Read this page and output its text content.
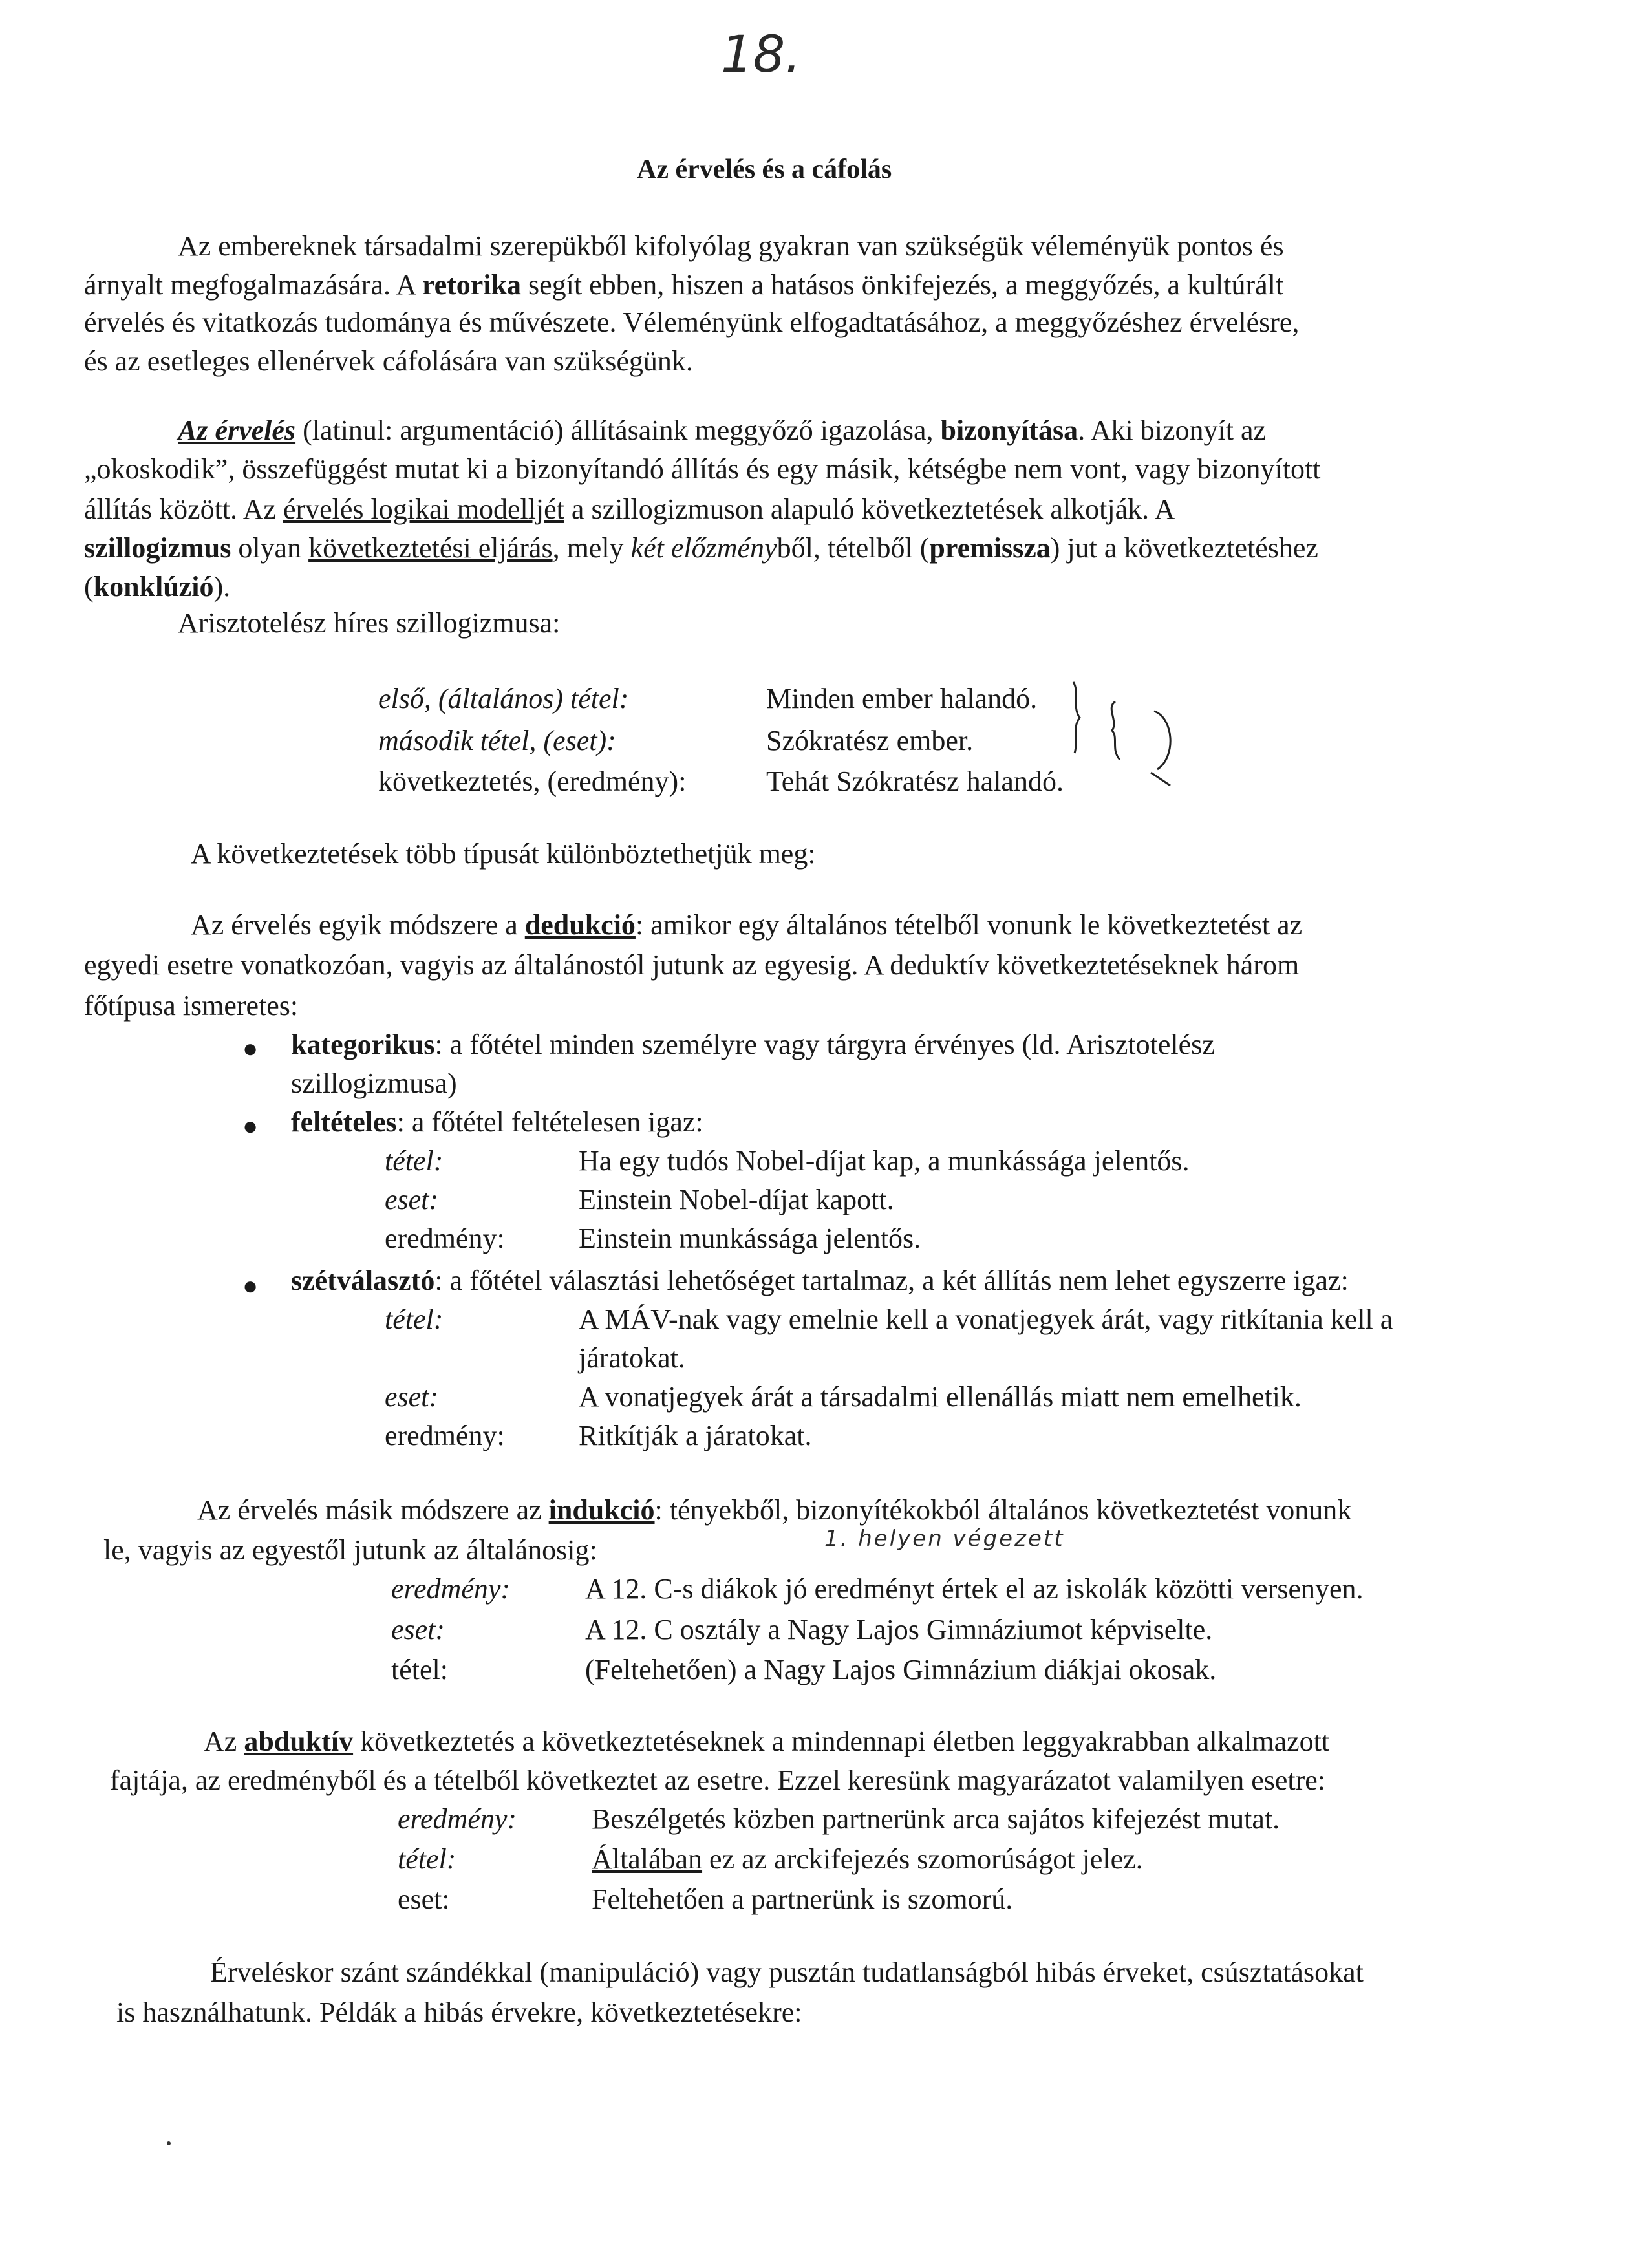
18.
Az érvelés és a cáfolás
Az embereknek társadalmi szerepükből kifolyólag gyakran van szükségük véleményük pontos és
árnyalt megfogalmazására. A retorika segít ebben, hiszen a hatásos önkifejezés, a meggyőzés, a kultúrált
érvelés és vitatkozás tudománya és művészete. Véleményünk elfogadtatásához, a meggyőzéshez érvelésre,
és az esetleges ellenérvek cáfolására van szükségünk.
Az érvelés (latinul: argumentáció) állításaink meggyőző igazolása, bizonyítása. Aki bizonyít az
„okoskodik”, összefüggést mutat ki a bizonyítandó állítás és egy másik, kétségbe nem vont, vagy bizonyított
állítás között. Az érvelés logikai modelljét a szillogizmuson alapuló következtetések alkotják. A
szillogizmus olyan következtetési eljárás, mely két előzményből, tételből (premissza) jut a következtetéshez
(konklúzió).
Arisztotelész híres szillogizmusa:
első, (általános) tétel:	Minden ember halandó.
második tétel, (eset):	Szókratész ember.
következtetés, (eredmény):	Tehát Szókratész halandó.
A következtetések több típusát különböztethetjük meg:
Az érvelés egyik módszere a dedukció: amikor egy általános tételből vonunk le következtetést az
egyedi esetre vonatkozóan, vagyis az általánostól jutunk az egyesig. A deduktív következtetéseknek három
főtípusa ismeretes:
● kategorikus: a főtétel minden személyre vagy tárgyra érvényes (ld. Arisztotelész
szillogizmusa)
● feltételes: a főtétel feltételesen igaz:
tétel:	Ha egy tudós Nobel-díjat kap, a munkássága jelentős.
eset:	Einstein Nobel-díjat kapott.
eredmény:	Einstein munkássága jelentős.
● szétválasztó: a főtétel választási lehetőséget tartalmaz, a két állítás nem lehet egyszerre igaz:
tétel:	A MÁV-nak vagy emelnie kell a vonatjegyek árát, vagy ritkítania kell a
járatokat.
eset:	A vonatjegyek árát a társadalmi ellenállás miatt nem emelhetik.
eredmény:	Ritkítják a járatokat.
Az érvelés másik módszere az indukció: tényekből, bizonyítékokból általános következtetést vonunk
le, vagyis az egyestől jutunk az általánosig:	1. helyen végezett
eredmény:	A 12. C-s diákok jó eredményt értek el az iskolák közötti versenyen.
eset:	A 12. C osztály a Nagy Lajos Gimnáziumot képviselte.
tétel:	(Feltehetően) a Nagy Lajos Gimnázium diákjai okosak.
Az abduktív következtetés a következtetéseknek a mindennapi életben leggyakrabban alkalmazott
fajtája, az eredményből és a tételből következtet az esetre. Ezzel keresünk magyarázatot valamilyen esetre:
eredmény:	Beszélgetés közben partnerünk arca sajátos kifejezést mutat.
tétel:	Általában ez az arckifejezés szomorúságot jelez.
eset:	Feltehetően a partnerünk is szomorú.
Érveléskor szánt szándékkal (manipuláció) vagy pusztán tudatlanságból hibás érveket, csúsztatásokat
is használhatunk. Példák a hibás érvekre, következtetésekre:
